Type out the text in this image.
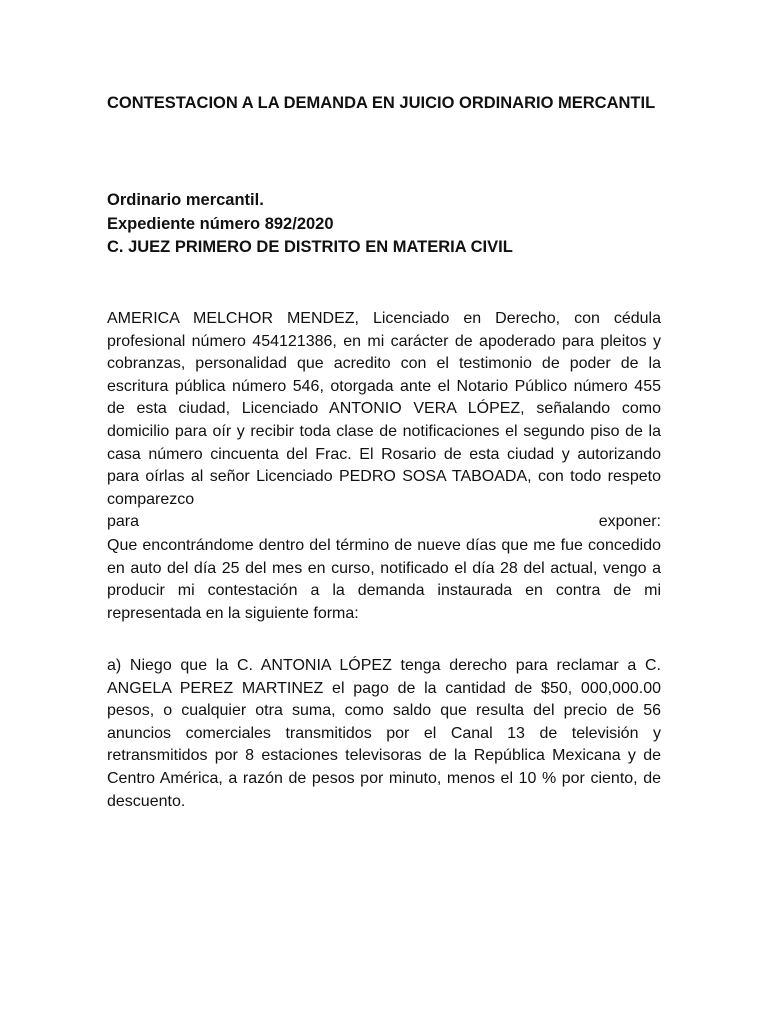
CONTESTACION A LA DEMANDA EN JUICIO ORDINARIO MERCANTIL
Ordinario mercantil.
Expediente número 892/2020
C. JUEZ PRIMERO DE DISTRITO EN MATERIA CIVIL
AMERICA MELCHOR MENDEZ, Licenciado en Derecho, con cédula profesional número 454121386, en mi carácter de apoderado para pleitos y cobranzas, personalidad que acredito con el testimonio de poder de la escritura pública número 546, otorgada ante el Notario Público número 455 de esta ciudad, Licenciado ANTONIO VERA LÓPEZ, señalando como domicilio para oír y recibir toda clase de notificaciones el segundo piso de la casa número cincuenta del Frac. El Rosario de esta ciudad y autorizando para oírlas al señor Licenciado PEDRO SOSA TABOADA, con todo respeto comparezco
para	exponer:

Que encontrándome dentro del término de nueve días que me fue concedido en auto del día 25 del mes en curso, notificado el día 28 del actual, vengo a producir mi contestación a la demanda instaurada en contra de mi representada en la siguiente forma:

a) Niego que la C. ANTONIA LÓPEZ tenga derecho para reclamar a C. ANGELA PEREZ MARTINEZ el pago de la cantidad de $50, 000,000.00 pesos, o cualquier otra suma, como saldo que resulta del precio de 56 anuncios comerciales transmitidos por el Canal 13 de televisión y retransmitidos por 8 estaciones televisoras de la República Mexicana y de Centro América, a razón de pesos por minuto, menos el 10 % por ciento, de descuento.
